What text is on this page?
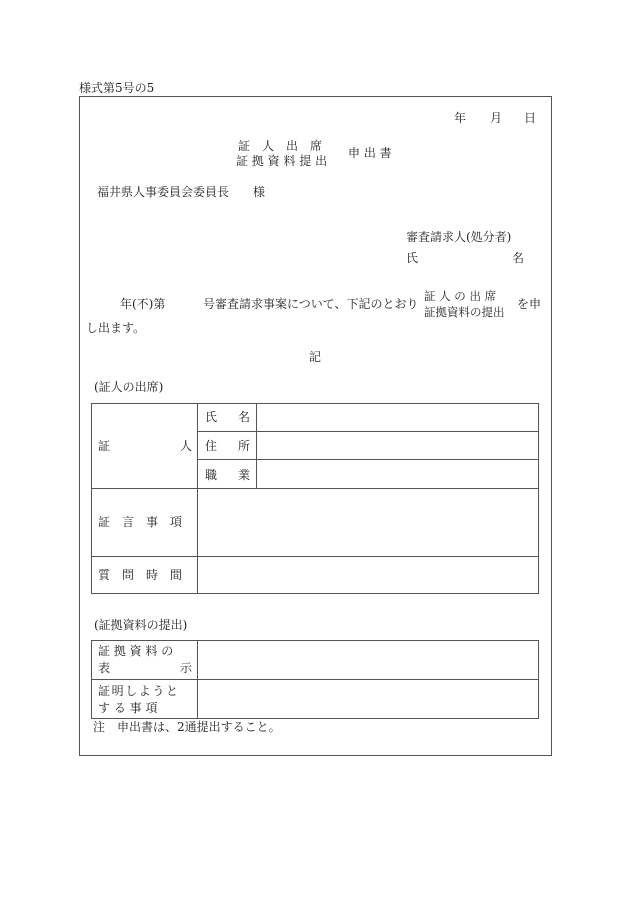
様式第5号の5
年 月 日
証　人　出　席
証 拠 資 料 提 出
申 出 書
福井県人事委員会委員長　　様
審査請求人(処分者)
氏	名
年(不)第	号審査請求事案について、下記のとおり
証 人 の 出 席
証拠資料の提出
を申
し出ます。
記
(証人の出席)
証	人
氏 名
住 所
職 業
証　言　事　項
質　問　時　間
(証拠資料の提出)
証 拠 資 料 の
表	示
証明しようと
す る 事 項
注　申出書は、2通提出すること。
